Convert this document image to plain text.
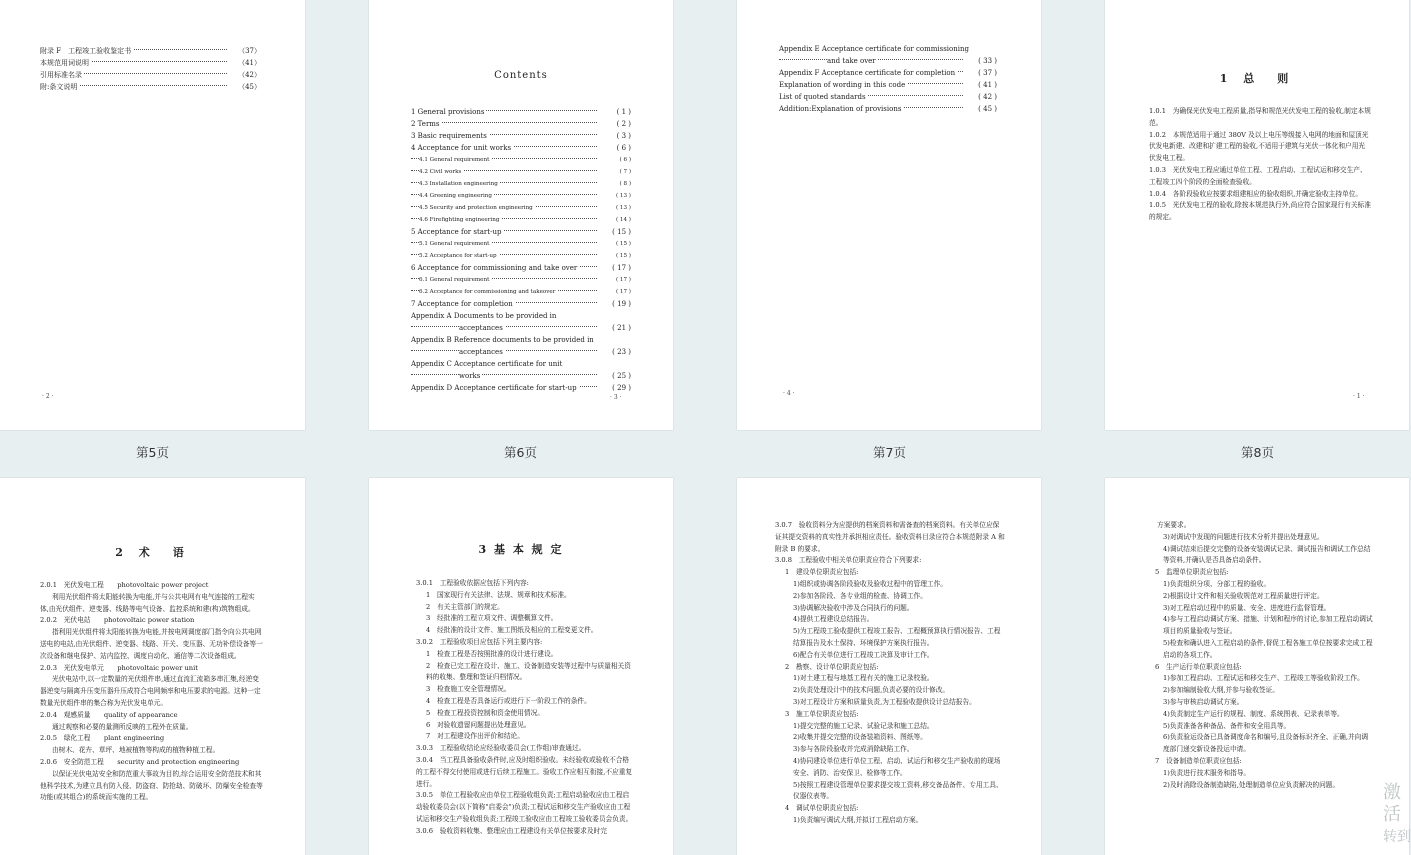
附录 F　工程竣工验收鉴定书	（37）
本规范用词说明	（41）
引用标准名录	（42）
附:条文说明	（45）
· 2 ·
第5页
Contents
1 General provisions	( 1 )
2 Terms	( 2 )
3 Basic requirements	( 3 )
4 Acceptance for unit works	( 6 )
4.1 General requirement	( 6 )
4.2 Civil works	( 7 )
4.3 Installation engineering	( 8 )
4.4 Greening engineering	( 13 )
4.5 Security and protection engineering	( 13 )
4.6 Firefighting engineering	( 14 )
5 Acceptance for start-up	( 15 )
5.1 General requirement	( 15 )
5.2 Acceptance for start-up	( 15 )
6 Acceptance for commissioning and take over	( 17 )
6.1 General requirement	( 17 )
6.2 Acceptance for commissioning and takeover	( 17 )
7 Acceptance for completion	( 19 )
Appendix A Documents to be provided in
acceptances	( 21 )
Appendix B Reference documents to be provided in
acceptances	( 23 )
Appendix C Acceptance certificate for unit
works	( 25 )
Appendix D Acceptance certificate for start-up	( 29 )
· 3 ·
第6页
Appendix E Acceptance certificate for commissioning
and take over	( 33 )
Appendix F Acceptance certificate for completion	( 37 )
Explanation of wording in this code	( 41 )
List of quoted standards	( 42 )
Addition:Explanation of provisions	( 45 )
· 4 ·
第7页
1 总　则

1.0.1　为确保光伏发电工程质量,指导和规范光伏发电工程的验收,制定本规范。

1.0.2　本规范适用于通过 380V 及以上电压等级接入电网的地面和屋顶光伏发电新建、改建和扩建工程的验收,不适用于建筑与光伏一体化和户用光伏发电工程。

1.0.3　光伏发电工程应通过单位工程、工程启动、工程试运和移交生产、工程竣工四个阶段的全面检查验收。

1.0.4　各阶段验收应按要求组建相应的验收组织,并确定验收主持单位。

1.0.5　光伏发电工程的验收,除按本规范执行外,尚应符合国家现行有关标准的规定。

· 1 ·
第8页
2 术　语

2.0.1　光伏发电工程　　photovoltaic power project

利用光伏组件将太阳能转换为电能,并与公共电网有电气连接的工程实体,由光伏组件、逆变器、线路等电气设备、监控系统和建(构)筑物组成。

2.0.2　光伏电站　　photovoltaic power station

指利用光伏组件将太阳能转换为电能,并按电网调度部门指令向公共电网送电的电站,由光伏组件、逆变器、线路、开关、变压器、无功补偿设备等一次设备和继电保护、站内监控、调度自动化、通信等二次设备组成。

2.0.3　光伏发电单元　　photovoltaic power unit

光伏电站中,以一定数量的光伏组件串,通过直流汇流箱多串汇集,经逆变器逆变与隔离升压变压器升压成符合电网频率和电压要求的电源。这种一定数量光伏组件串的集合称为光伏发电单元。

2.0.4　观感质量　　quality of appearance

通过观察和必要的量测所反映的工程外在质量。

2.0.5　绿化工程　　plant engineering

由树木、花卉、草坪、地被植物等构成的植物种植工程。

2.0.6　安全防范工程　　security and protection engineering

以保证光伏电站安全和防范重大事故为目的,综合运用安全防范技术和其他科学技术,为建立具有防入侵、防盗窃、防抢劫、防破坏、防爆安全检查等功能(或其组合)的系统而实施的工程。

3 基 本 规 定

3.0.1　工程验收依据应包括下列内容:

1　国家现行有关法律、法规、规章和技术标准。

2　有关主管部门的规定。

3　经批准的工程立项文件、调整概算文件。

4　经批准的设计文件、施工图纸及相应的工程变更文件。

3.0.2　工程验收项目应包括下列主要内容:

1　检查工程是否按照批准的设计进行建设。

2　检查已完工程在设计、施工、设备制造安装等过程中与质量相关资料的收集、整理和签证归档情况。

3　检查施工安全管理情况。

4　检查工程是否具备运行或进行下一阶段工作的条件。

5　检查工程投资控制和资金使用情况。

6　对验收遗留问题提出处理意见。

7　对工程建设作出评价和结论。

3.0.3　工程验收结论应经验收委员会(工作组)审查通过。

3.0.4　当工程具备验收条件时,应及时组织验收。未经验收或验收不合格的工程不得交付使用或进行后续工程施工。验收工作应相互衔接,不应重复进行。

3.0.5　单位工程验收应由单位工程验收组负责;工程启动验收应由工程启动验收委员会(以下简称"启委会")负责;工程试运和移交生产验收应由工程试运和移交生产验收组负责;工程竣工验收应由工程竣工验收委员会负责。

3.0.6　验收资料收集、整理应由工程建设有关单位按要求及时完

3.0.7　验收资料分为应提供的档案资料和需备查的档案资料。有关单位应保证其提交资料的真实性并承担相应责任。验收资料目录应符合本规范附录 A 和附录 B 的要求。

3.0.8　工程验收中相关单位职责应符合下列要求:

1　建设单位职责应包括:

1)组织或协调各阶段验收及验收过程中的管理工作。

2)参加各阶段、各专业组的检查、协调工作。

3)协调解决验收中涉及合同执行的问题。

4)提供工程建设总结报告。

5)为工程竣工验收提供工程竣工报告、工程概预算执行情况报告、工程结算报告及水土保持、环境保护方案执行报告。

6)配合有关单位进行工程竣工决算及审计工作。

2　勘察、设计单位职责应包括:

1)对土建工程与地基工程有关的施工记录校验。

2)负责处理设计中的技术问题,负责必要的设计修改。

3)对工程设计方案和质量负责,为工程验收提供设计总结报告。

3　施工单位职责应包括:

1)提交完整的施工记录、试验记录和施工总结。

2)收集并提交完整的设备装箱资料、图纸等。

3)参与各阶段验收并完成消除缺陷工作。

4)协同建设单位进行单位工程、启动、试运行和移交生产验收前的现场安全、消防、治安保卫、检修等工作。

5)按照工程建设管理单位要求提交竣工资料,移交备品备件、专用工具、仪器仪表等。

4　调试单位职责应包括:

1)负责编写调试大纲,并拟订工程启动方案。

方案要求。

3)对调试中发现的问题进行技术分析并提出处理意见。

4)调试结束后提交完整的设备安装调试记录、调试报告和调试工作总结等资料,并确认是否具备启动条件。

5　监理单位职责应包括:

1)负责组织分项、分部工程的验收。

2)根据设计文件和相关验收规范对工程质量进行评定。

3)对工程启动过程中的质量、安全、进度进行监督管理。

4)参与工程启动调试方案、措施、计划和程序的讨论,参加工程启动调试项目的质量验收与签证。

5)检查和确认进入工程启动的条件,督促工程各施工单位按要求完成工程启动的各项工作。

6　生产运行单位职责应包括:

1)参加工程启动、工程试运和移交生产、工程竣工等验收阶段工作。

2)参加编制验收大纲,并参与验收签证。

3)参与审核启动调试方案。

4)负责制定生产运行的规程、制度、系统图表、记录表单等。

5)负责准备各种备品、备件和安全用具等。

6)负责验运设备已具备调度命名和编号,且设备标识齐全、正确,并向调度部门递交新设备投运申请。

7　设备制造单位职责应包括:

1)负责进行技术服务和指导。

2)及时消除设备制造缺陷,处理制造单位应负责解决的问题。	激活
转到
